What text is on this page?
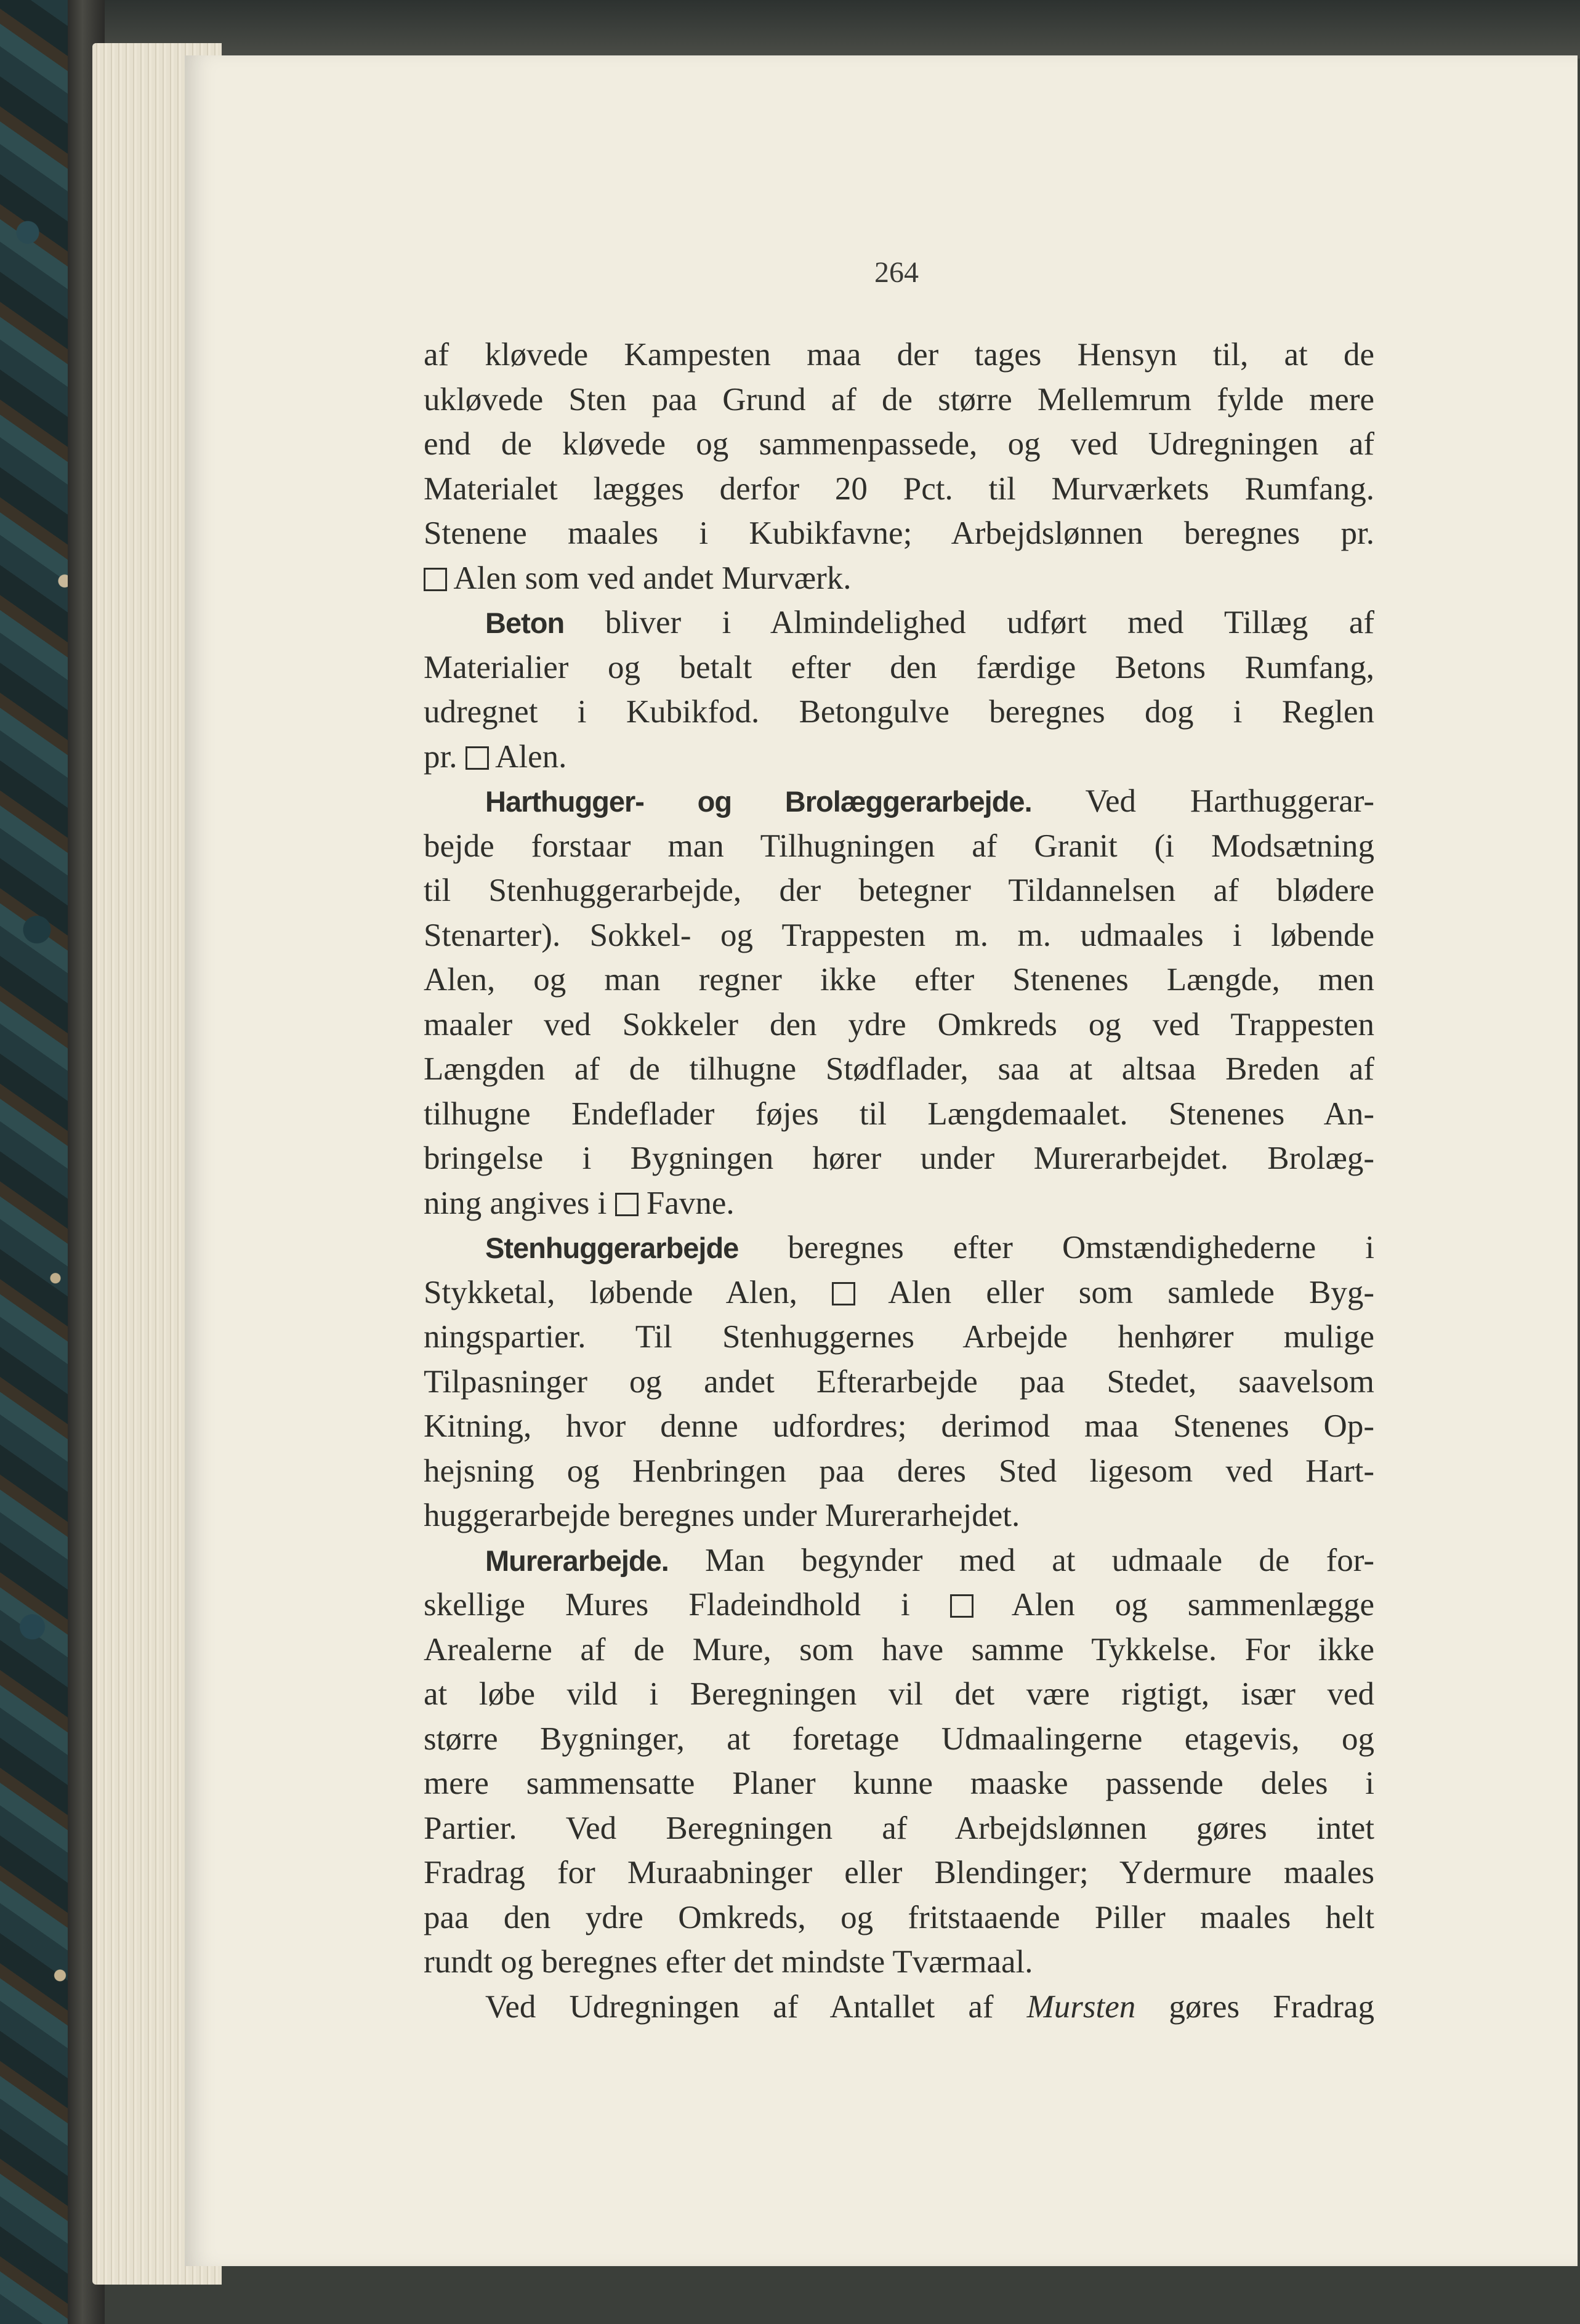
264
af kløvede Kampesten maa der tages Hensyn til, at de
ukløvede Sten paa Grund af de større Mellemrum fylde mere
end de kløvede og sammenpassede, og ved Udregningen af
Materialet lægges derfor 20 Pct. til Murværkets Rumfang.
Stenene maales i Kubikfavne; Arbejdslønnen beregnes pr.
Alen som ved andet Murværk.
Beton bliver i Almindelighed udført med Tillæg af
Materialier og betalt efter den færdige Betons Rumfang,
udregnet i Kubikfod. Betongulve beregnes dog i Reglen
pr. Alen.
Harthugger- og Brolæggerarbejde. Ved Harthuggerar-
bejde forstaar man Tilhugningen af Granit (i Modsætning
til Stenhuggerarbejde, der betegner Tildannelsen af blødere
Stenarter). Sokkel- og Trappesten m. m. udmaales i løbende
Alen, og man regner ikke efter Stenenes Længde, men
maaler ved Sokkeler den ydre Omkreds og ved Trappesten
Længden af de tilhugne Stødflader, saa at altsaa Breden af
tilhugne Endeflader føjes til Længdemaalet. Stenenes An-
bringelse i Bygningen hører under Murerarbejdet. Brolæg-
ning angives i Favne.
Stenhuggerarbejde beregnes efter Omstændighederne i
Stykketal, løbende Alen,	Alen eller som samlede Byg-
ningspartier. Til Stenhuggernes Arbejde henhører mulige
Tilpasninger og andet Efterarbejde paa Stedet, saavelsom
Kitning, hvor denne udfordres; derimod maa Stenenes Op-
hejsning og Henbringen paa deres Sted ligesom ved Hart-
huggerarbejde beregnes under Murerarhejdet.
Murerarbejde. Man begynder med at udmaale de for-
skellige Mures Fladeindhold i	Alen og sammenlægge
Arealerne af de Mure, som have samme Tykkelse. For ikke
at løbe vild i Beregningen vil det være rigtigt, især ved
større Bygninger, at foretage Udmaalingerne etagevis, og
mere sammensatte Planer kunne maaske passende deles i
Partier. Ved Beregningen af Arbejdslønnen gøres intet
Fradrag for Muraabninger eller Blendinger; Ydermure maales
paa den ydre Omkreds, og fritstaaende Piller maales helt
rundt og beregnes efter det mindste Tværmaal.
Ved Udregningen af Antallet af Mursten gøres Fradrag
